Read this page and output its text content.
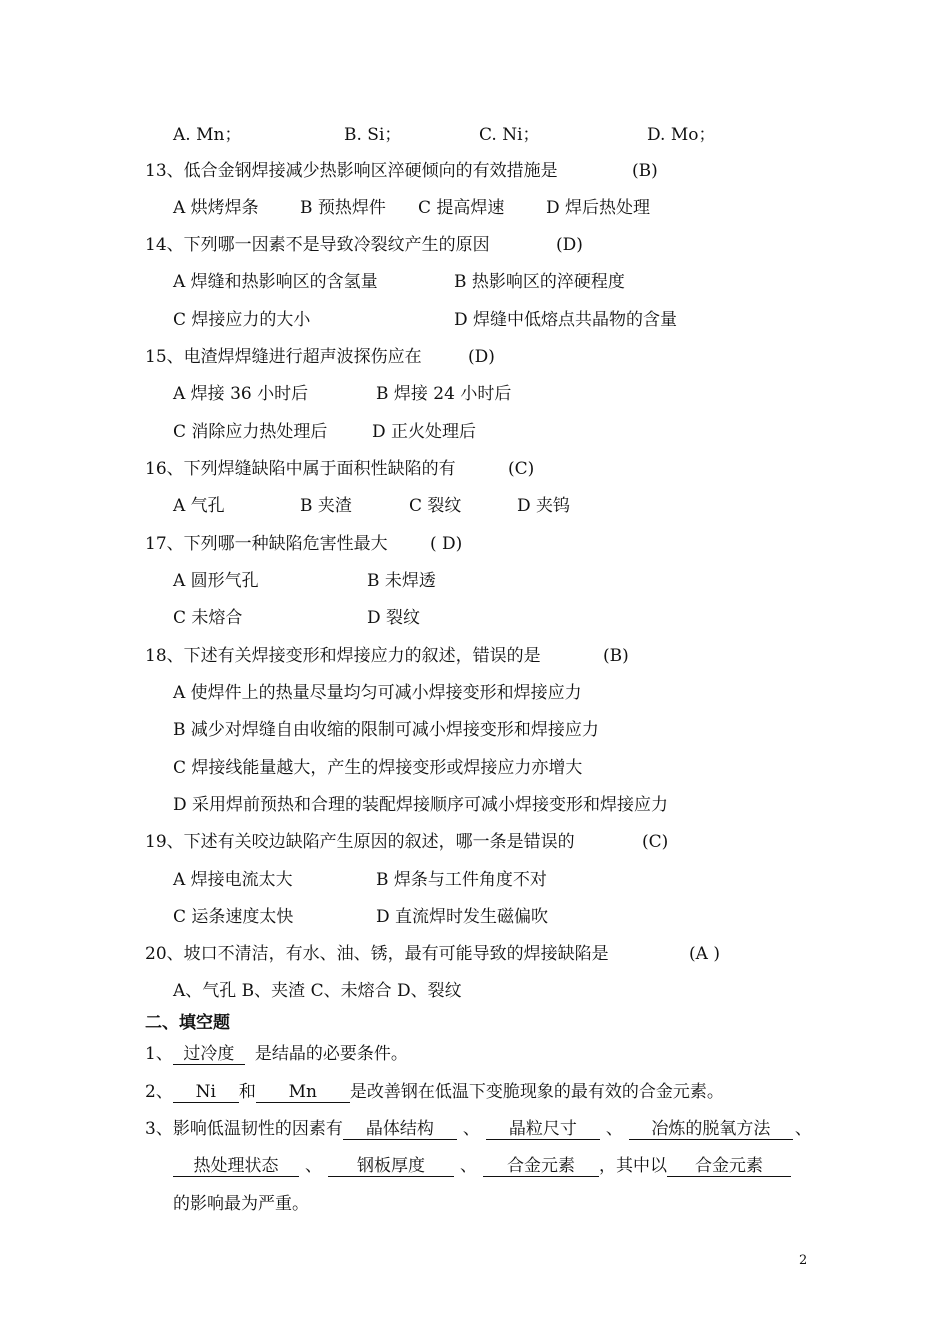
A. Mn；	B. Si；	C. Ni；	D. Mo；
13、低合金钢焊接减少热影响区淬硬倾向的有效措施是	(B)
A 烘烤焊条 B 预热焊件 C 提高焊速 D 焊后热处理
14、下列哪一因素不是导致冷裂纹产生的原因	(D)
A 焊缝和热影响区的含氢量	B 热影响区的淬硬程度
C 焊接应力的大小	D 焊缝中低熔点共晶物的含量
15、电渣焊焊缝进行超声波探伤应在	(D)
A 焊接 36 小时后	B 焊接 24 小时后
C 消除应力热处理后	D 正火处理后
16、下列焊缝缺陷中属于面积性缺陷的有	(C)
A 气孔	B 夹渣	C 裂纹	D 夹钨
17、下列哪一种缺陷危害性最大 ( D)
A 圆形气孔	B 未焊透
C 未熔合	D 裂纹
18、下述有关焊接变形和焊接应力的叙述，错误的是	(B)
A 使焊件上的热量尽量均匀可减小焊接变形和焊接应力
B 减少对焊缝自由收缩的限制可减小焊接变形和焊接应力
C 焊接线能量越大，产生的焊接变形或焊接应力亦增大
D 采用焊前预热和合理的装配焊接顺序可减小焊接变形和焊接应力
19、下述有关咬边缺陷产生原因的叙述，哪一条是错误的	(C)
A 焊接电流太大	B 焊条与工件角度不对
C 运条速度太快	D 直流焊时发生磁偏吹
20、坡口不清洁，有水、油、锈，最有可能导致的焊接缺陷是	(A )
A、气孔 B、夹渣 C、未熔合 D、裂纹
二、填空题
1、 过冷度 是结晶的必要条件。
2、 Ni 和 Mn 是改善钢在低温下变脆现象的最有效的合金元素。
3、影响低温韧性的因素有 晶体结构 、 晶粒尺寸 、 冶炼的脱氧方法 、
热处理状态 、 钢板厚度 、 合金元素 ，其中以 合金元素
的影响最为严重。
2
